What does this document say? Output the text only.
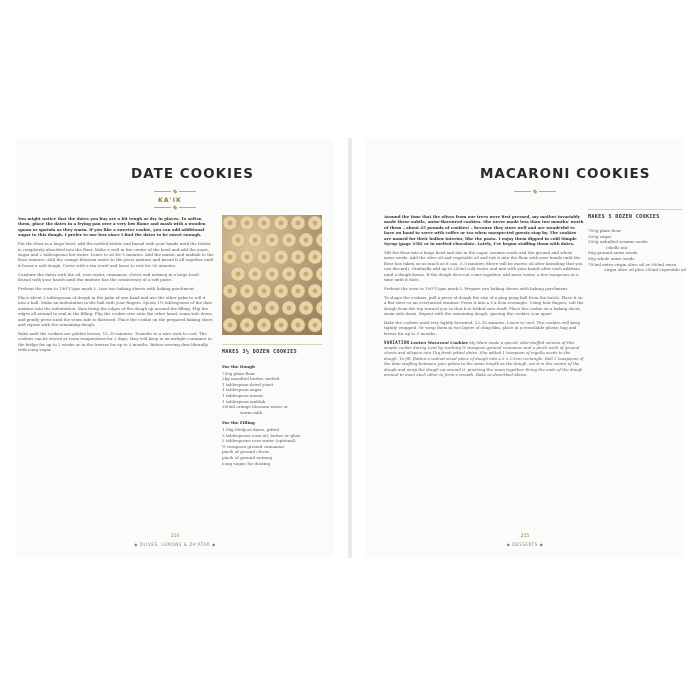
DATE COOKIES
KA'IK

You might notice that the dates you buy are a bit tough or dry in places. To soften them, place the dates in a frying pan over a very low flame and mash with a wooden spoon or spatula as they warm. If you like a sweeter cookie, you can add additional sugar to this dough. I prefer to use less since I find the dates to be sweet enough.

Put the flour in a large bowl, add the melted butter and knead with your hands until the butter is completely absorbed into the flour. Make a well in the centre of the bowl and add the yeast, sugar and 2 tablespoons hot water. Leave to sit for 5 minutes. Add the mastic and mahlab to the flour mixture. Add the orange blossom water to the yeast mixture and knead it all together until it forms a soft dough. Cover with a tea towel and leave to rest for 30 minutes.

Combine the dates with the oil, rose water, cinnamon, cloves and nutmeg in a large bowl. Knead with your hands until the mixture has the consistency of a soft paste.

Preheat the oven to 190°C/gas mark 5. Line two baking sheets with baking parchment.

Place about 3 tablespoons of dough in the palm of one hand and use the other palm to roll it into a ball. Make an indentation in the ball with your fingers. Spoon 1½ tablespoons of the date mixture into the indentation, then bring the edges of the dough up around the filling. Flip the edges all around to seal in the filling. Flip the cookie over onto the other hand, seam side down, and gently press until the seam side is flattened. Place the cookie on the prepared baking sheet and repeat with the remaining dough.

Bake until the cookies are golden brown, 15–20 minutes. Transfer to a wire rack to cool. The cookies can be stored at room temperature for 2 days; they will keep in an airtight container in the fridge for up to 2 weeks or in the freezer for up to 3 months. Before serving dust liberally with icing sugar.	MAKES 3½ DOZEN COOKIES
For the Dough
750g plain flour
2kg unsalted butter, melted
1 tablespoon dried yeast
1 tablespoon sugar
1 tablespoon mastic
1 tablespoon mahlab
300ml orange blossom water or
warm milk
For the Filling
1.5kg Medjool dates, pitted
3 tablespoons corn oil, butter or ghee
2 tablespoons rose water (optional)
½ teaspoon ground cinnamon
pinch of ground cloves
pinch of ground nutmeg
icing sugar, for dusting
214
◆ OLIVES, LEMONS & ZA'ATAR ◆
MACARONI COOKIES

Around the time that the olives from our trees were first pressed, my mother invariably made these subtle, anise-flavoured cookies. She never made less than two months' worth of them – about 25 pounds of cookies! – because they store well and are wonderful to have on hand to serve with coffee or tea when unexpected guests stop by. The cookies are named for their hollow interior, like the pasta. I enjoy them dipped in cold Simple Syrup (page 258) or in melted chocolate. Lately, I've begun stuffing them with dates.

Sift the flour into a large bowl and stir in the sugar, sesame seeds and the ground and whole anise seeds. Add the olive oil and vegetable oil and rub it into the flour with your hands until the flour has taken on as much as it can, 3–5 minutes (there will be excess oil after kneading that you can discard). Gradually add up to 250ml cold water and mix with your hands after each addition until a dough forms. If the dough does not come together, add more water, a few teaspoons at a time until it does.

Preheat the oven to 190°C/gas mark 5. Prepare two baking sheets with baking parchment.

To shape the cookies, pull a piece of dough the size of a ping pong ball from the batch. Place it on a flat sieve or an overturned strainer. Press it into a 5 x 8cm rectangle. Using four fingers, roll the dough from the top toward you so that it is folded onto itself. Place the cookie on a baking sheet, seam side down. Repeat with the remaining dough, spacing the cookies 2cm apart.

Bake the cookies until very lightly browned, 12–15 minutes. Leave to cool. The cookies will keep tightly wrapped. Or wrap them in two layers of cling film, place in a resealable plastic bag and freeze for up to 3 months.

VARIATION Lenten Macaroni Cookies My Mum made a spiced, date-stuffed version of this simple cookie during Lent by working ½ teaspoon ground cinnamon and a pinch each of ground cloves and allspice into 1kg fresh pitted dates. She added 1 teaspoon of nigella seeds to the dough. To fill, flatten a walnut-sized piece of dough into a 5 x 2.5cm rectangle. Roll 2 teaspoons of the date stuffing between your palms to the same length as the dough, set it in the centre of the dough and wrap the dough up around it, pinching the seam together. Bring the ends of the dough around to meet each other to form a wreath. Bake as described above.

MAKES 5 DOZEN COOKIES
750g plain flour
300g sugar
250g unhulled sesame seeds
(shells on)
80g ground anise seeds
80g whole anise seeds
750ml extra virgin olive oil or 500ml extra
virgin olive oil plus 250ml vegetable oil
215
◆ DESSERTS ◆
